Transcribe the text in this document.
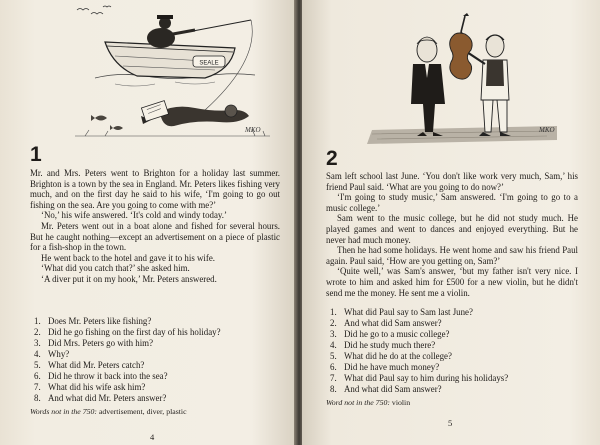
SEALE
MKO
1

Mr. and Mrs. Peters went to Brighton for a holiday last summer. Brighton is a town by the sea in England. Mr. Peters likes fishing very much, and on the first day he said to his wife, ‘I'm going to go out fishing on the sea. Are you going to come with me?’

‘No,’ his wife answered. ‘It's cold and windy today.’

Mr. Peters went out in a boat alone and fished for several hours. But he caught nothing—except an advertisement on a piece of plastic for a fish-shop in the town.

He went back to the hotel and gave it to his wife.

‘What did you catch that?’ she asked him.

‘A diver put it on my hook,’ Mr. Peters answered.

1. Does Mr. Peters like fishing?
2. Did he go fishing on the first day of his holiday?
3. Did Mrs. Peters go with him?
4. Why?
5. What did Mr. Peters catch?
6. Did he throw it back into the sea?
7. What did his wife ask him?
8. And what did Mr. Peters answer?
Words not in the 750: advertisement, diver, plastic
4
MKO
2

Sam left school last June. ‘You don't like work very much, Sam,’ his friend Paul said. ‘What are you going to do now?’

‘I'm going to study music,’ Sam answered. ‘I'm going to go to a music college.’

Sam went to the music college, but he did not study much. He played games and went to dances and enjoyed everything. But he never had much money.

Then he had some holidays. He went home and saw his friend Paul again. Paul said, ‘How are you getting on, Sam?’

‘Quite well,’ was Sam's answer, ‘but my father isn't very nice. I wrote to him and asked him for £500 for a new violin, but he didn't send me the money. He sent me a violin.

1. What did Paul say to Sam last June?
2. And what did Sam answer?
3. Did he go to a music college?
4. Did he study much there?
5. What did he do at the college?
6. Did he have much money?
7. What did Paul say to him during his holidays?
8. And what did Sam answer?
Word not in the 750: violin
5
